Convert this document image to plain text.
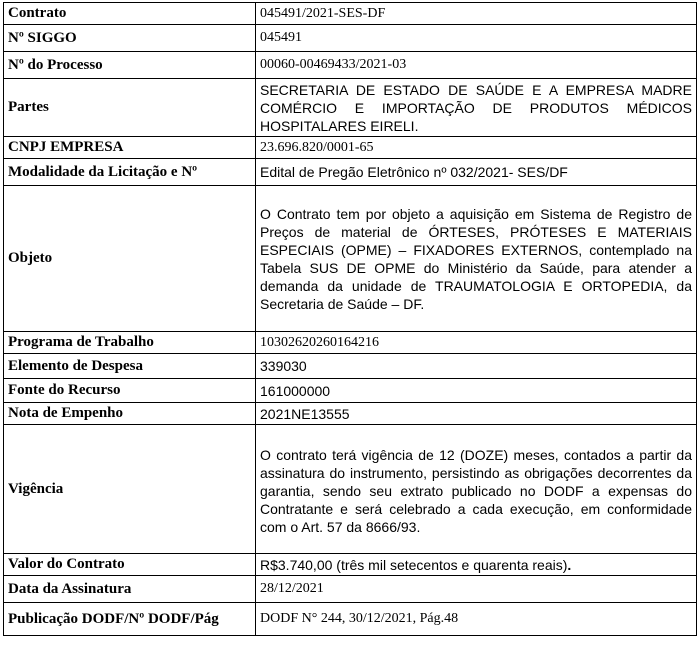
Contrato	045491/2021-SES-DF
Nº SIGGO	045491
Nº do Processo	00060-00469433/2021-03
Partes	SECRETARIA DE ESTADO DE SAÚDE E A EMPRESA MADRE COMÉRCIO E IMPORTAÇÃO DE PRODUTOS MÉDICOS HOSPITALARES EIRELI.
CNPJ EMPRESA	23.696.820/0001-65
Modalidade da Licitação e Nº	Edital de Pregão Eletrônico nº 032/2021- SES/DF
Objeto	O Contrato tem por objeto a aquisição em Sistema de Registro de Preços de material de ÓRTESES, PRÓTESES E MATERIAIS ESPECIAIS (OPME) – FIXADORES EXTERNOS, contemplado na Tabela SUS DE OPME do Ministério da Saúde, para atender a demanda da unidade de TRAUMATOLOGIA E ORTOPEDIA, da Secretaria de Saúde – DF.
Programa de Trabalho	10302620260164216
Elemento de Despesa	339030
Fonte do Recurso	161000000
Nota de Empenho	2021NE13555
Vigência	O contrato terá vigência de 12 (DOZE) meses, contados a partir da assinatura do instrumento, persistindo as obrigações decorrentes da garantia, sendo seu extrato publicado no DODF a expensas do Contratante e será celebrado a cada execução, em conformidade com o Art. 57 da 8666/93.
Valor do Contrato	R$3.740,00 (três mil setecentos e quarenta reais).
Data da Assinatura	28/12/2021
Publicação DODF/Nº DODF/Pág	DODF N° 244, 30/12/2021, Pág.48
